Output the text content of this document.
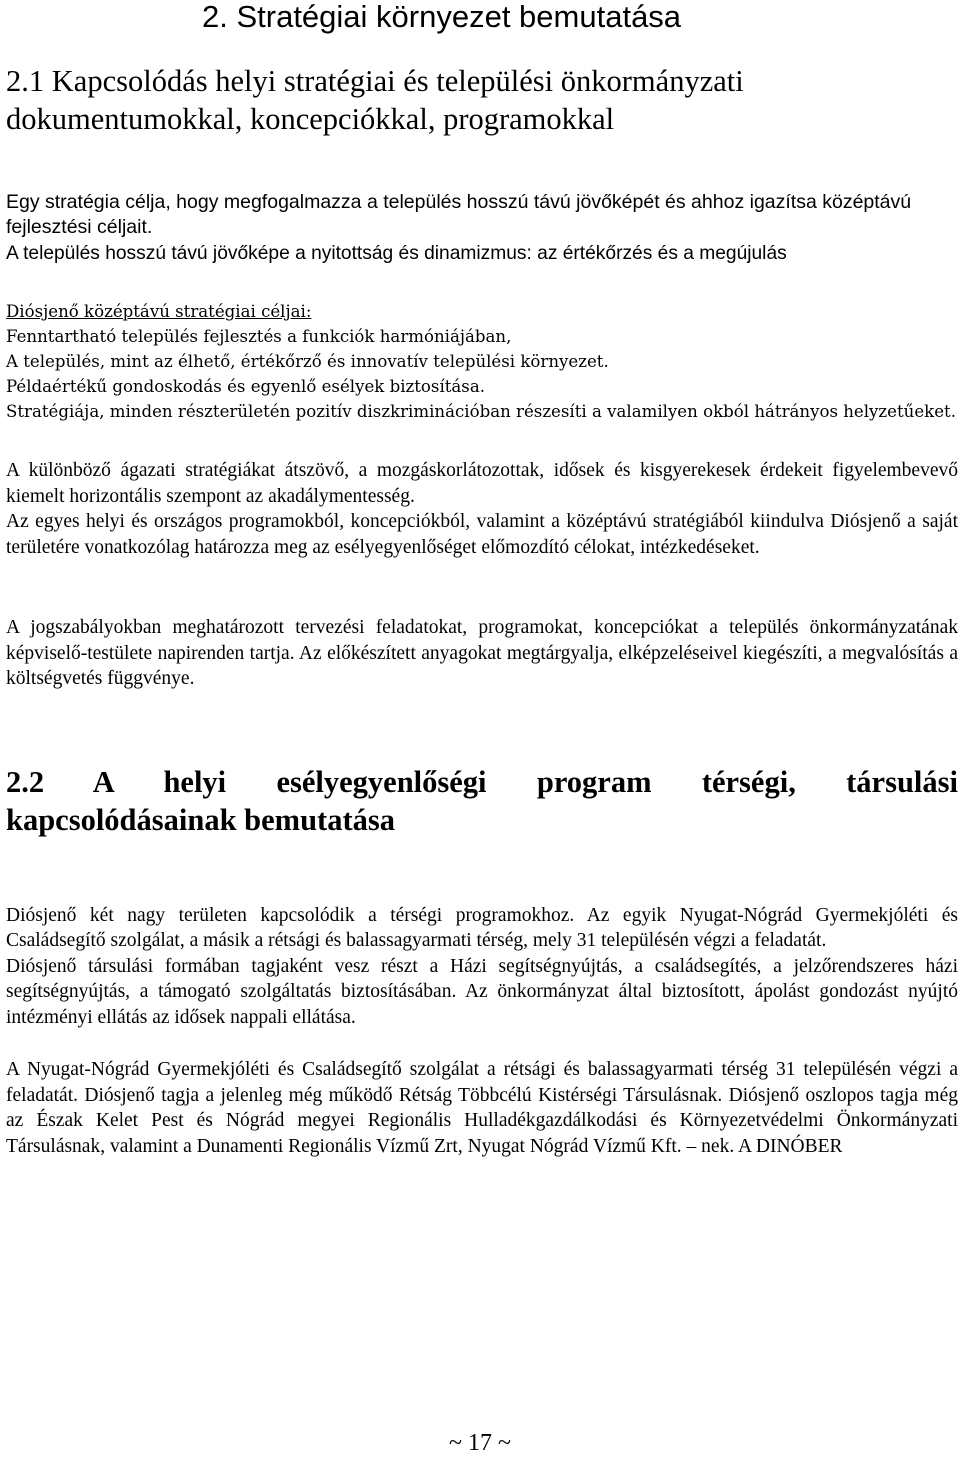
2. Stratégiai környezet bemutatása
2.1 Kapcsolódás helyi stratégiai és települési önkormányzati dokumentumokkal, koncepciókkal, programokkal

Egy stratégia célja, hogy megfogalmazza a település hosszú távú jövőképét és ahhoz igazítsa középtávú fejlesztési céljait.

A település hosszú távú jövőképe a nyitottság és dinamizmus: az értékőrzés és a megújulás

Diósjenő középtávú stratégiai céljai:
Fenntartható település fejlesztés a funkciók harmóniájában,
A település, mint az élhető, értékőrző és innovatív települési környezet.
Példaértékű gondoskodás és egyenlő esélyek biztosítása.
Stratégiája, minden részterületén pozitív diszkriminációban részesíti a valamilyen okból hátrányos helyzetűeket.

A különböző ágazati stratégiákat átszövő, a mozgáskorlátozottak, idősek és kisgyerekesek érdekeit figyelembevevő kiemelt horizontális szempont az akadálymentesség.

Az egyes helyi és országos programokból, koncepciókból, valamint a középtávú stratégiából kiindulva Diósjenő a saját területére vonatkozólag határozza meg az esélyegyenlőséget előmozdító célokat, intézkedéseket.

A jogszabályokban meghatározott tervezési feladatokat, programokat, koncepciókat a település önkormányzatának képviselő-testülete napirenden tartja. Az előkészített anyagokat megtárgyalja, elképzeléseivel kiegészíti, a megvalósítás a költségvetés függvénye.

2.2 A helyi esélyegyenlőségi program térségi, társulási
kapcsolódásainak bemutatása

Diósjenő két nagy területen kapcsolódik a térségi programokhoz. Az egyik Nyugat-Nógrád Gyermekjóléti és Családsegítő szolgálat, a másik a rétsági és balassagyarmati térség, mely 31 településén végzi a feladatát.

Diósjenő társulási formában tagjaként vesz részt a Házi segítségnyújtás, a családsegítés, a jelzőrendszeres házi segítségnyújtás, a támogató szolgáltatás biztosításában. Az önkormányzat által biztosított, ápolást gondozást nyújtó intézményi ellátás az idősek nappali ellátása.

A Nyugat-Nógrád Gyermekjóléti és Családsegítő szolgálat a rétsági és balassagyarmati térség 31 településén végzi a feladatát. Diósjenő tagja a jelenleg még működő Rétság Többcélú Kistérségi Társulásnak. Diósjenő oszlopos tagja még az Észak Kelet Pest és Nógrád megyei Regionális Hulladékgazdálkodási és Környezetvédelmi Önkormányzati Társulásnak, valamint a Dunamenti Regionális Vízmű Zrt, Nyugat Nógrád Vízmű Kft. – nek. A DINÓBER

~ 17 ~
